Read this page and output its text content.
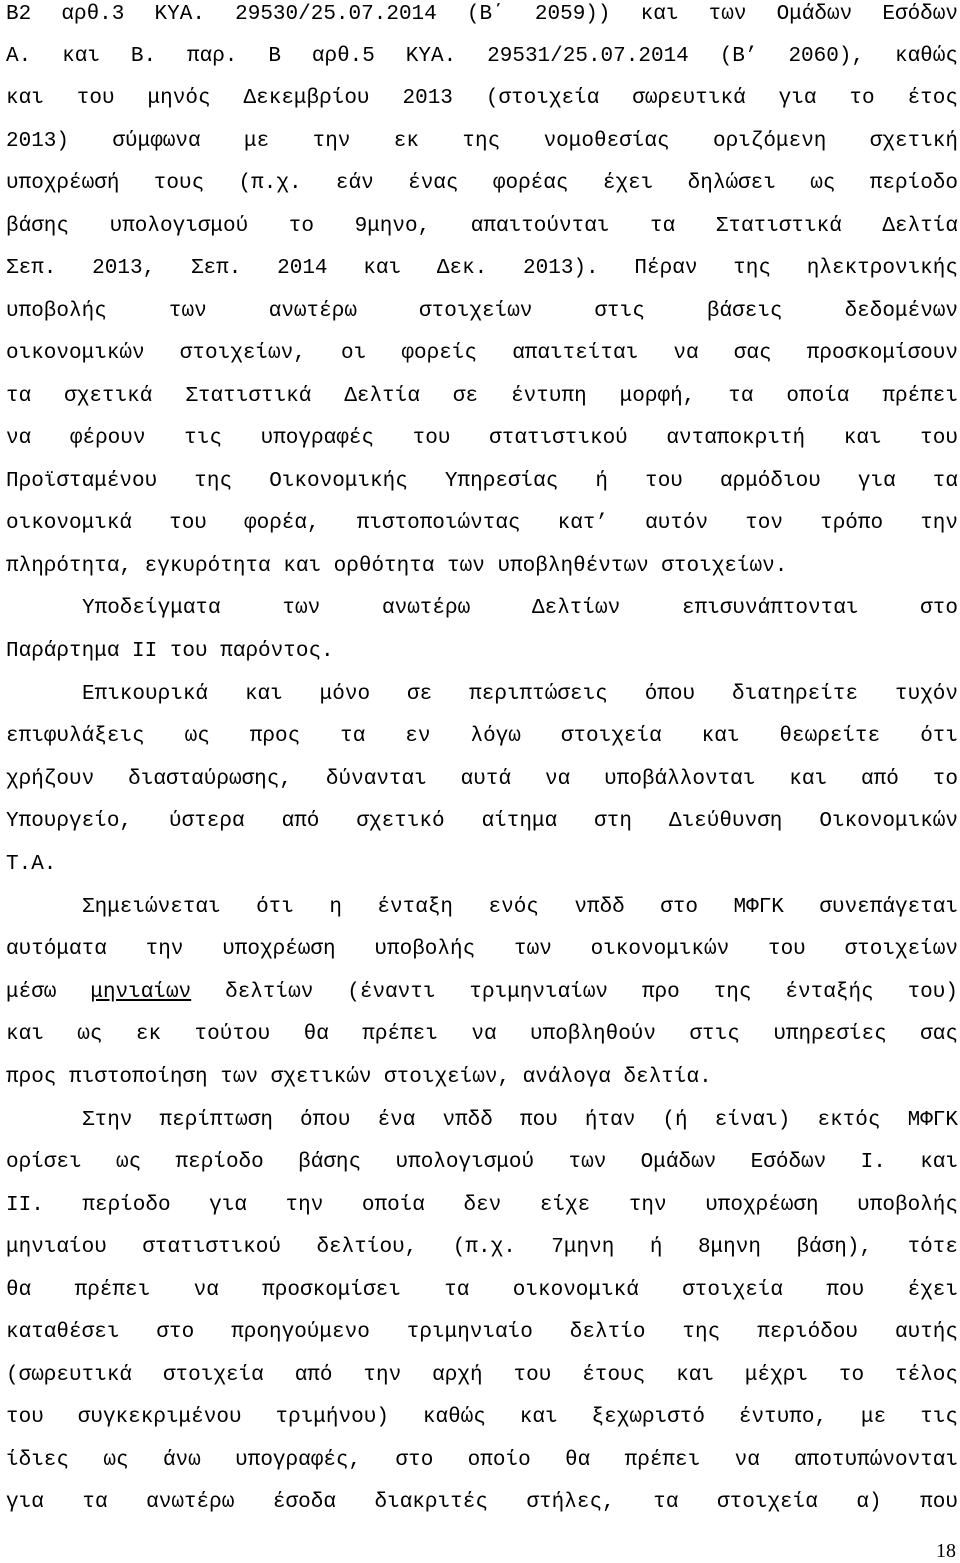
Β2 αρθ.3 ΚΥΑ. 29530/25.07.2014 (Β΄ 2059)) και των Ομάδων Εσόδων
Α. και Β. παρ. Β αρθ.5 ΚΥΑ. 29531/25.07.2014 (Β’ 2060), καθώς
και του μηνός Δεκεμβρίου 2013 (στοιχεία σωρευτικά για το έτος
2013) σύμφωνα με την εκ της νομοθεσίας οριζόμενη σχετική
υποχρέωσή τους (π.χ. εάν ένας φορέας έχει δηλώσει ως περίοδο
βάσης υπολογισμού το 9μηνο, απαιτούνται τα Στατιστικά Δελτία
Σεπ. 2013, Σεπ. 2014 και Δεκ. 2013). Πέραν της ηλεκτρονικής
υποβολής των ανωτέρω στοιχείων στις βάσεις δεδομένων
οικονομικών στοιχείων, οι φορείς απαιτείται να σας προσκομίσουν
τα σχετικά Στατιστικά Δελτία σε έντυπη μορφή, τα οποία πρέπει
να φέρουν τις υπογραφές του στατιστικού ανταποκριτή και του
Προϊσταμένου της Οικονομικής Υπηρεσίας ή του αρμόδιου για τα
οικονομικά του φορέα, πιστοποιώντας κατ’ αυτόν τον τρόπο την
πληρότητα, εγκυρότητα και ορθότητα των υποβληθέντων στοιχείων.
Υποδείγματα των ανωτέρω Δελτίων επισυνάπτονται στο
Παράρτημα ΙΙ του παρόντος.
Επικουρικά και μόνο σε περιπτώσεις όπου διατηρείτε τυχόν
επιφυλάξεις ως προς τα εν λόγω στοιχεία και θεωρείτε ότι
χρήζουν διασταύρωσης, δύνανται αυτά να υποβάλλονται και από το
Υπουργείο, ύστερα από σχετικό αίτημα στη Διεύθυνση Οικονομικών
Τ.Α.
Σημειώνεται ότι η ένταξη ενός νπδδ στο ΜΦΓΚ συνεπάγεται
αυτόματα την υποχρέωση υποβολής των οικονομικών του στοιχείων
μέσω μηνιαίων δελτίων (έναντι τριμηνιαίων προ της ένταξής του)
και ως εκ τούτου θα πρέπει να υποβληθούν στις υπηρεσίες σας
προς πιστοποίηση των σχετικών στοιχείων, ανάλογα δελτία.
Στην περίπτωση όπου ένα νπδδ που ήταν (ή είναι) εκτός ΜΦΓΚ
ορίσει ως περίοδο βάσης υπολογισμού των Ομάδων Εσόδων Ι. και
ΙΙ. περίοδο για την οποία δεν είχε την υποχρέωση υποβολής
μηνιαίου στατιστικού δελτίου, (π.χ. 7μηνη ή 8μηνη βάση), τότε
θα πρέπει να προσκομίσει τα οικονομικά στοιχεία που έχει
καταθέσει στο προηγούμενο τριμηνιαίο δελτίο της περιόδου αυτής
(σωρευτικά στοιχεία από την αρχή του έτους και μέχρι το τέλος
του συγκεκριμένου τριμήνου) καθώς και ξεχωριστό έντυπο, με τις
ίδιες ως άνω υπογραφές, στο οποίο θα πρέπει να αποτυπώνονται
για τα ανωτέρω έσοδα διακριτές στήλες, τα στοιχεία α) που
18
